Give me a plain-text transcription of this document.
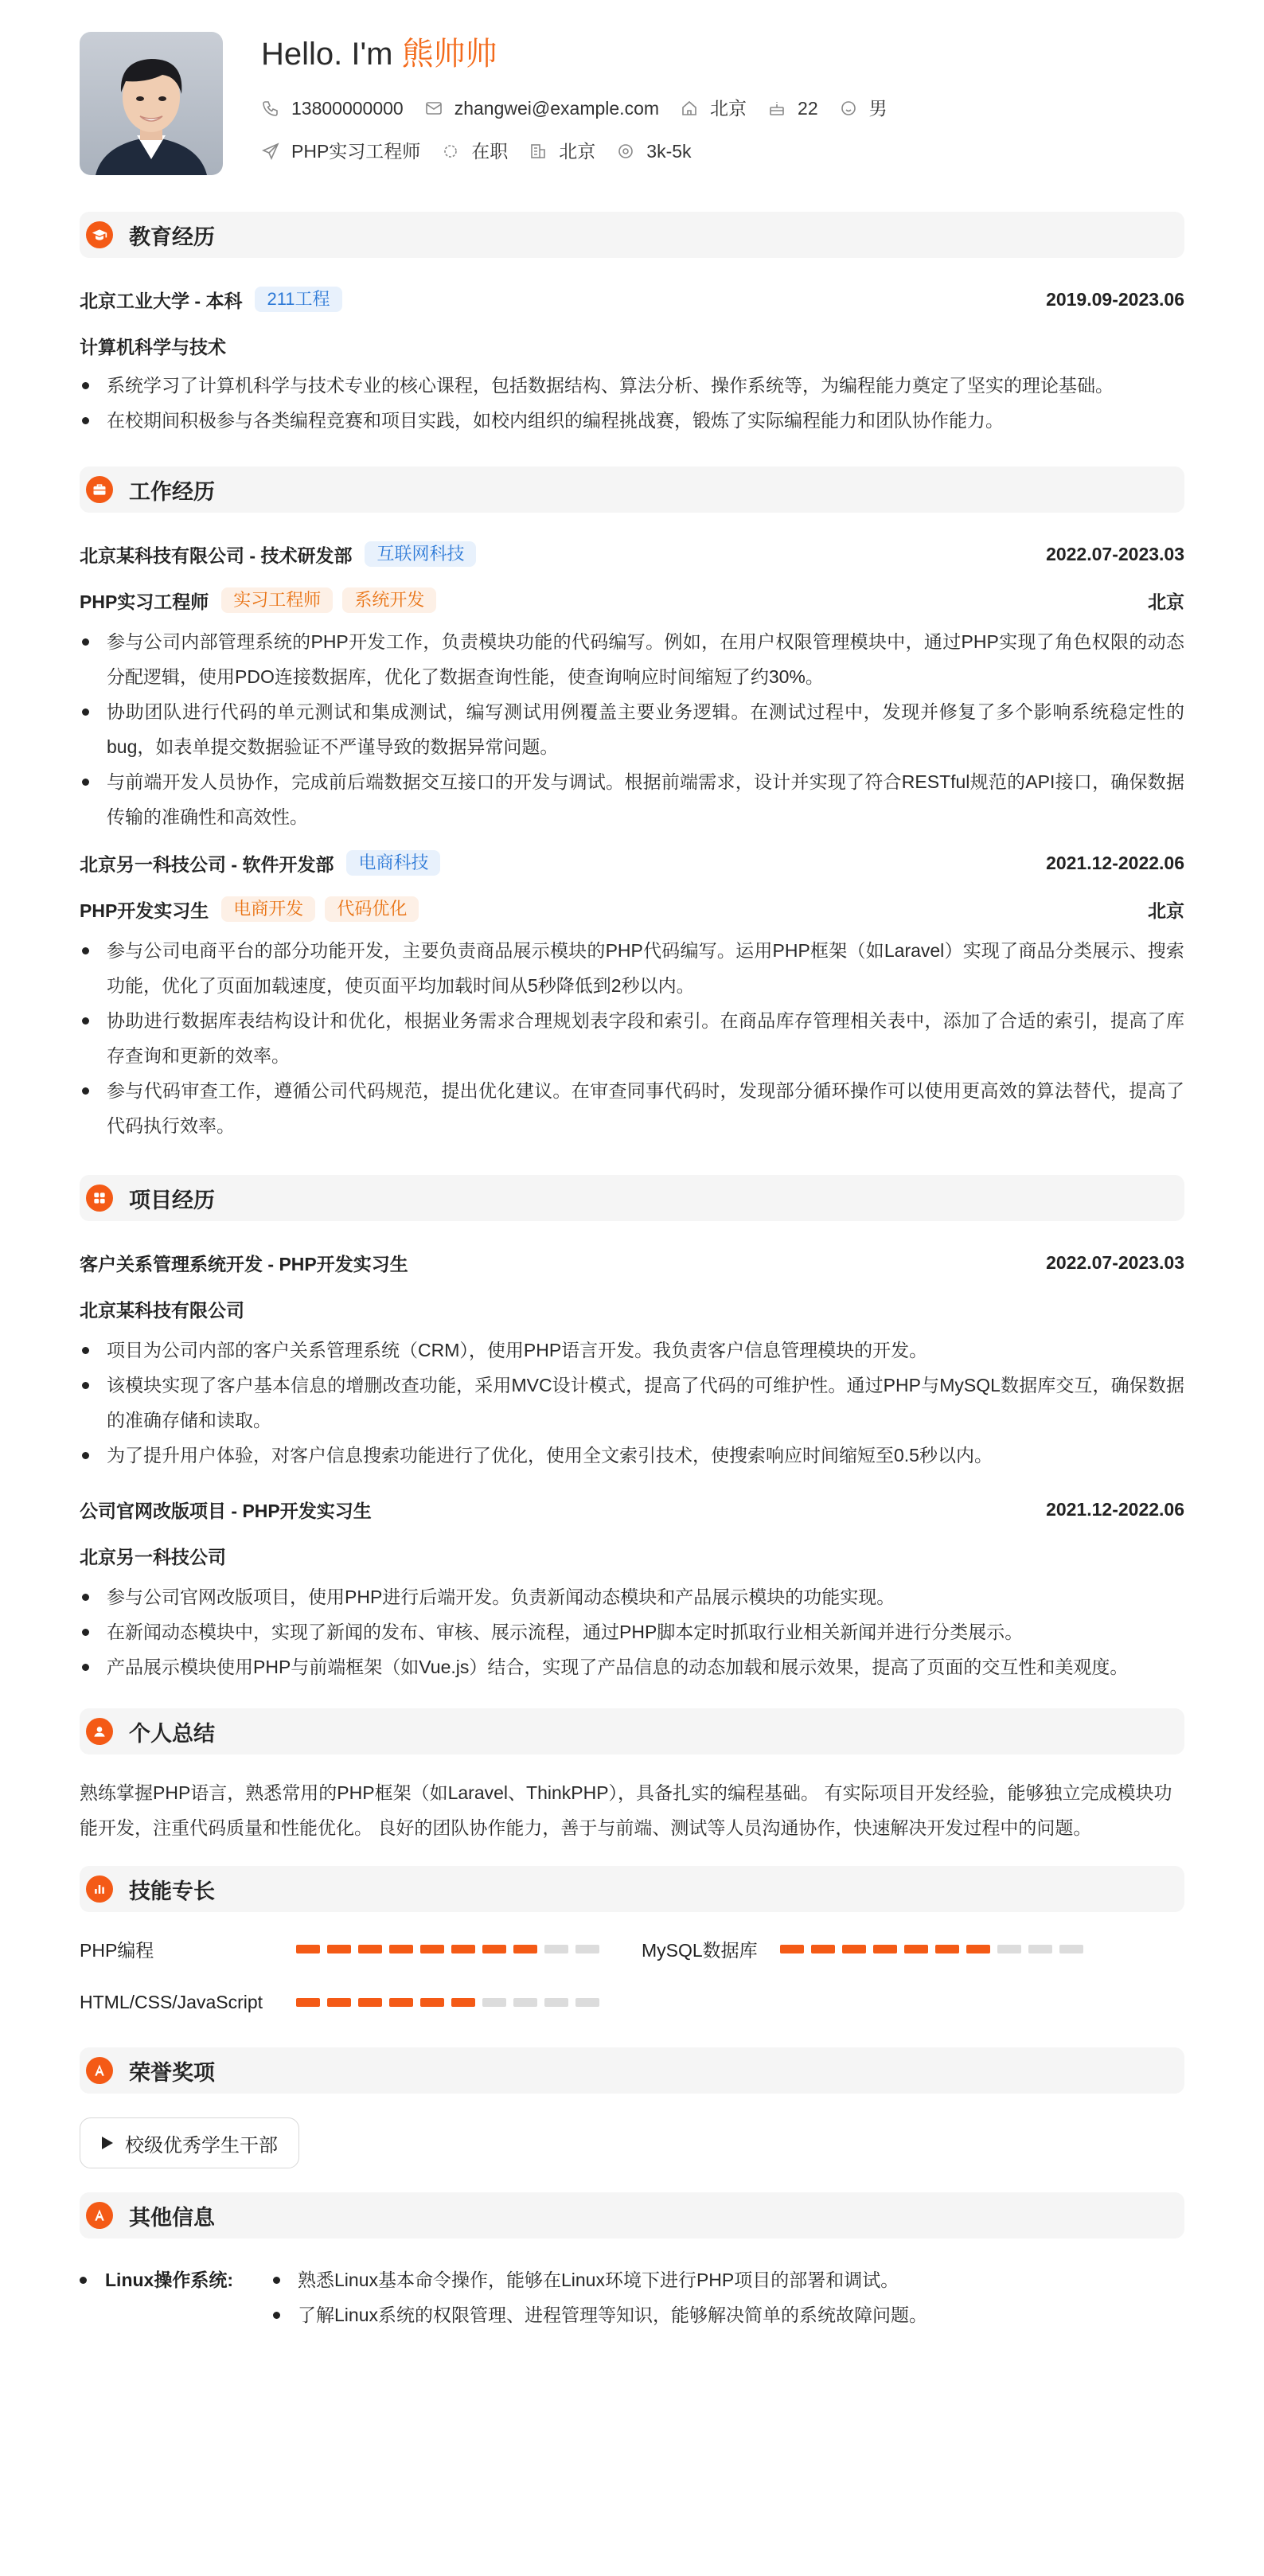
Hello. I'm 熊帅帅
13800000000	zhangwei@example.com	北京	22	男
PHP实习工程师	在职	北京	3k-5k
教育经历
北京工业大学 - 本科	211工程	2019.09-2023.06
计算机科学与技术
系统学习了计算机科学与技术专业的核心课程，包括数据结构、算法分析、操作系统等，为编程能力奠定了坚实的理论基础。
在校期间积极参与各类编程竞赛和项目实践，如校内组织的编程挑战赛，锻炼了实际编程能力和团队协作能力。
工作经历
北京某科技有限公司 - 技术研发部	互联网科技	2022.07-2023.03
PHP实习工程师	实习工程师	系统开发	北京
参与公司内部管理系统的PHP开发工作，负责模块功能的代码编写。例如，在用户权限管理模块中，通过PHP实现了角色权限的动态分配逻辑，使用PDO连接数据库，优化了数据查询性能，使查询响应时间缩短了约30%。
协助团队进行代码的单元测试和集成测试，编写测试用例覆盖主要业务逻辑。在测试过程中，发现并修复了多个影响系统稳定性的bug，如表单提交数据验证不严谨导致的数据异常问题。
与前端开发人员协作，完成前后端数据交互接口的开发与调试。根据前端需求，设计并实现了符合RESTful规范的API接口，确保数据传输的准确性和高效性。
北京另一科技公司 - 软件开发部	电商科技	2021.12-2022.06
PHP开发实习生	电商开发	代码优化	北京
参与公司电商平台的部分功能开发，主要负责商品展示模块的PHP代码编写。运用PHP框架（如Laravel）实现了商品分类展示、搜索功能，优化了页面加载速度，使页面平均加载时间从5秒降低到2秒以内。
协助进行数据库表结构设计和优化，根据业务需求合理规划表字段和索引。在商品库存管理相关表中，添加了合适的索引，提高了库存查询和更新的效率。
参与代码审查工作，遵循公司代码规范，提出优化建议。在审查同事代码时，发现部分循环操作可以使用更高效的算法替代，提高了代码执行效率。
项目经历
客户关系管理系统开发 - PHP开发实习生	2022.07-2023.03
北京某科技有限公司
项目为公司内部的客户关系管理系统（CRM），使用PHP语言开发。我负责客户信息管理模块的开发。
该模块实现了客户基本信息的增删改查功能，采用MVC设计模式，提高了代码的可维护性。通过PHP与MySQL数据库交互，确保数据的准确存储和读取。
为了提升用户体验，对客户信息搜索功能进行了优化，使用全文索引技术，使搜索响应时间缩短至0.5秒以内。
公司官网改版项目 - PHP开发实习生	2021.12-2022.06
北京另一科技公司
参与公司官网改版项目，使用PHP进行后端开发。负责新闻动态模块和产品展示模块的功能实现。
在新闻动态模块中，实现了新闻的发布、审核、展示流程，通过PHP脚本定时抓取行业相关新闻并进行分类展示。
产品展示模块使用PHP与前端框架（如Vue.js）结合，实现了产品信息的动态加载和展示效果，提高了页面的交互性和美观度。
个人总结
熟练掌握PHP语言，熟悉常用的PHP框架（如Laravel、ThinkPHP），具备扎实的编程基础。 有实际项目开发经验，能够独立完成模块功能开发，注重代码质量和性能优化。 良好的团队协作能力，善于与前端、测试等人员沟通协作，快速解决开发过程中的问题。
技能专长
PHP编程	MySQL数据库
HTML/CSS/JavaScript
荣誉奖项
校级优秀学生干部
其他信息
Linux操作系统:	熟悉Linux基本命令操作，能够在Linux环境下进行PHP项目的部署和调试。
了解Linux系统的权限管理、进程管理等知识，能够解决简单的系统故障问题。
